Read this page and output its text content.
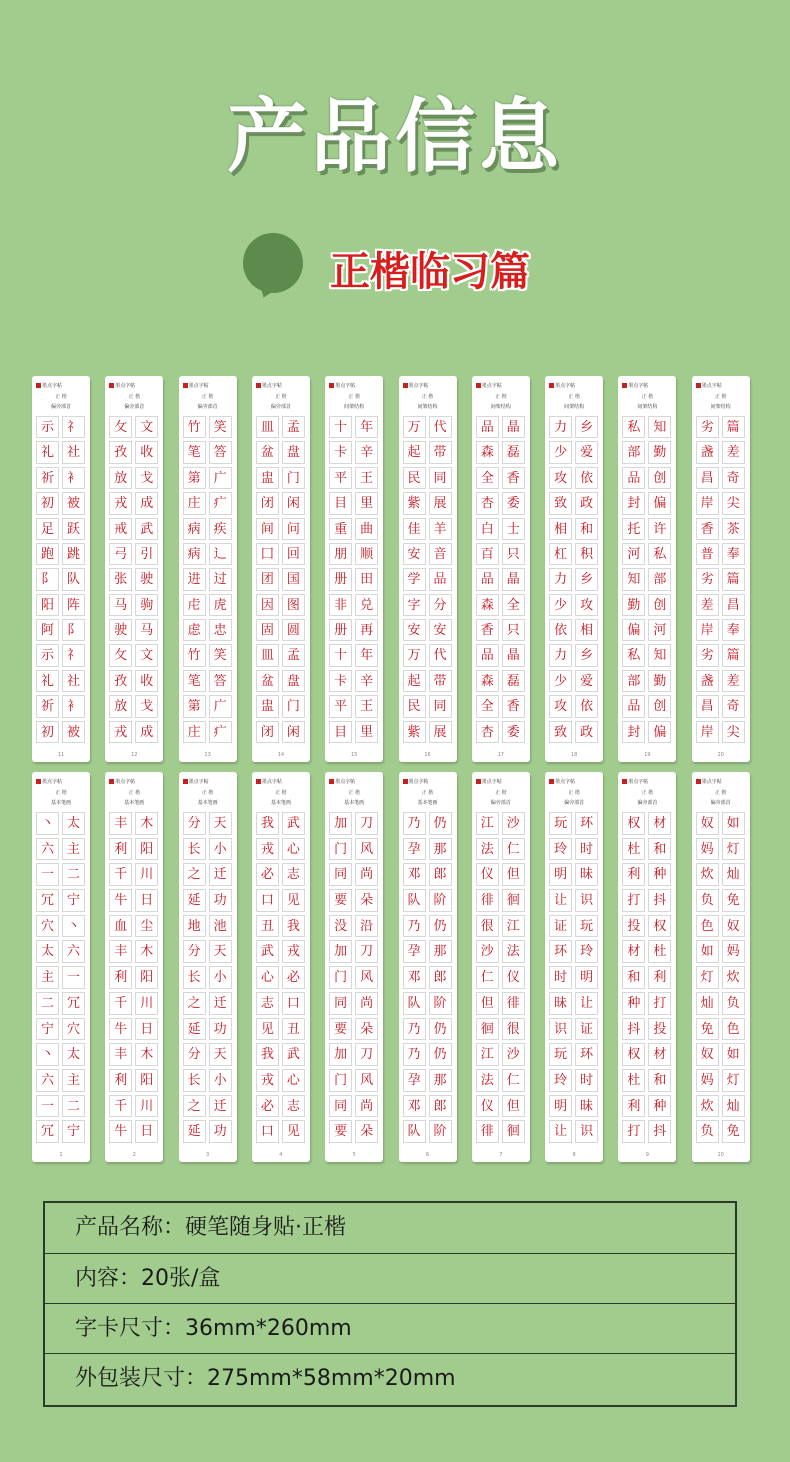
产品信息
正楷临习篇
墨点字帖
正 楷
偏旁部首
示 礻
礼 社
祈 衤
初 被
足 跃
跑 跳
阝 队
阳 阵
阿 阝
示 礻
礼 社
祈 衤
初 被
11
墨点字帖
正 楷
偏旁部首
攵 文
孜 收
放 戈
戎 成
戒 武
弓 引
张 驶
马 驹
驶 马
攵 文
孜 收
放 戈
戎 成
12
墨点字帖
正 楷
偏旁部首
竹 笑
笔 答
第 广
庄 疒
病 疾
病 辶
进 过
虍 虎
虑 忠
竹 笑
笔 答
第 广
庄 疒
13
墨点字帖
正 楷
偏旁部首
皿 孟
盆 盘
盅 门
闭 闲
间 问
囗 回
团 国
因 图
固 圆
皿 孟
盆 盘
盅 门
闭 闲
14
墨点字帖
正 楷
间架结构
十 年
卡 辛
平 王
目 里
重 曲
朋 顺
册 田
非 兑
册 再
十 年
卡 辛
平 王
目 里
15
墨点字帖
正 楷
间架结构
万 代
起 带
民 同
紫 展
佳 羊
安 音
学 品
字 分
安 安
万 代
起 带
民 同
紫 展
16
墨点字帖
正 楷
间架结构
品 晶
森 磊
全 香
杏 委
白 士
百 只
品 晶
森 全
香 只
品 晶
森 磊
全 香
杏 委
17
墨点字帖
正 楷
间架结构
力 乡
少 爱
攻 依
致 政
相 和
杠 积
力 乡
少 攻
依 相
力 乡
少 爱
攻 依
致 政
18
墨点字帖
正 楷
间架结构
私 知
部 勤
品 创
封 偏
托 许
河 私
知 部
勤 创
偏 河
私 知
部 勤
品 创
封 偏
19
墨点字帖
正 楷
间架结构
劣 篇
盏 差
昌 奇
岸 尖
香 茶
普 奉
劣 篇
差 昌
岸 奉
劣 篇
盏 差
昌 奇
岸 尖
20
墨点字帖
正 楷
基本笔画
丶 太
六 主
一 二
冗 宁
穴 丶
太 六
主 一
二 冗
宁 穴
丶 太
六 主
一 二
冗 宁
1
墨点字帖
正 楷
基本笔画
丰 木
利 阳
千 川
牛 日
血 尘
丰 木
利 阳
千 川
牛 日
丰 木
利 阳
千 川
牛 日
2
墨点字帖
正 楷
基本笔画
分 天
长 小
之 迁
延 功
地 池
分 天
长 小
之 迁
延 功
分 天
长 小
之 迁
延 功
3
墨点字帖
正 楷
基本笔画
我 武
戎 心
必 志
口 见
丑 我
武 戎
心 必
志 口
见 丑
我 武
戎 心
必 志
口 见
4
墨点字帖
正 楷
基本笔画
加 刀
门 风
同 尚
要 朵
没 沿
加 刀
门 风
同 尚
要 朵
加 刀
门 风
同 尚
要 朵
5
墨点字帖
正 楷
基本笔画
乃 仍
孕 那
邓 郎
队 阶
乃 仍
孕 那
邓 郎
队 阶
乃 仍
乃 仍
孕 那
邓 郎
队 阶
6
墨点字帖
正 楷
偏旁部首
江 沙
法 仁
仪 但
徘 徊
很 江
沙 法
仁 仪
但 徘
徊 很
江 沙
法 仁
仪 但
徘 徊
7
墨点字帖
正 楷
偏旁部首
玩 环
玲 时
明 昧
让 识
证 玩
环 玲
时 明
昧 让
识 证
玩 环
玲 时
明 昧
让 识
8
墨点字帖
正 楷
偏旁部首
权 材
杜 和
利 种
打 抖
投 权
材 杜
和 利
种 打
抖 投
权 材
杜 和
利 种
打 抖
9
墨点字帖
正 楷
偏旁部首
奴 如
妈 灯
炊 灿
负 免
色 奴
如 妈
灯 炊
灿 负
免 色
奴 如
妈 灯
炊 灿
负 免
10
产品名称：硬笔随身贴·正楷
内容：20张/盒
字卡尺寸：36mm*260mm
外包装尺寸：275mm*58mm*20mm
